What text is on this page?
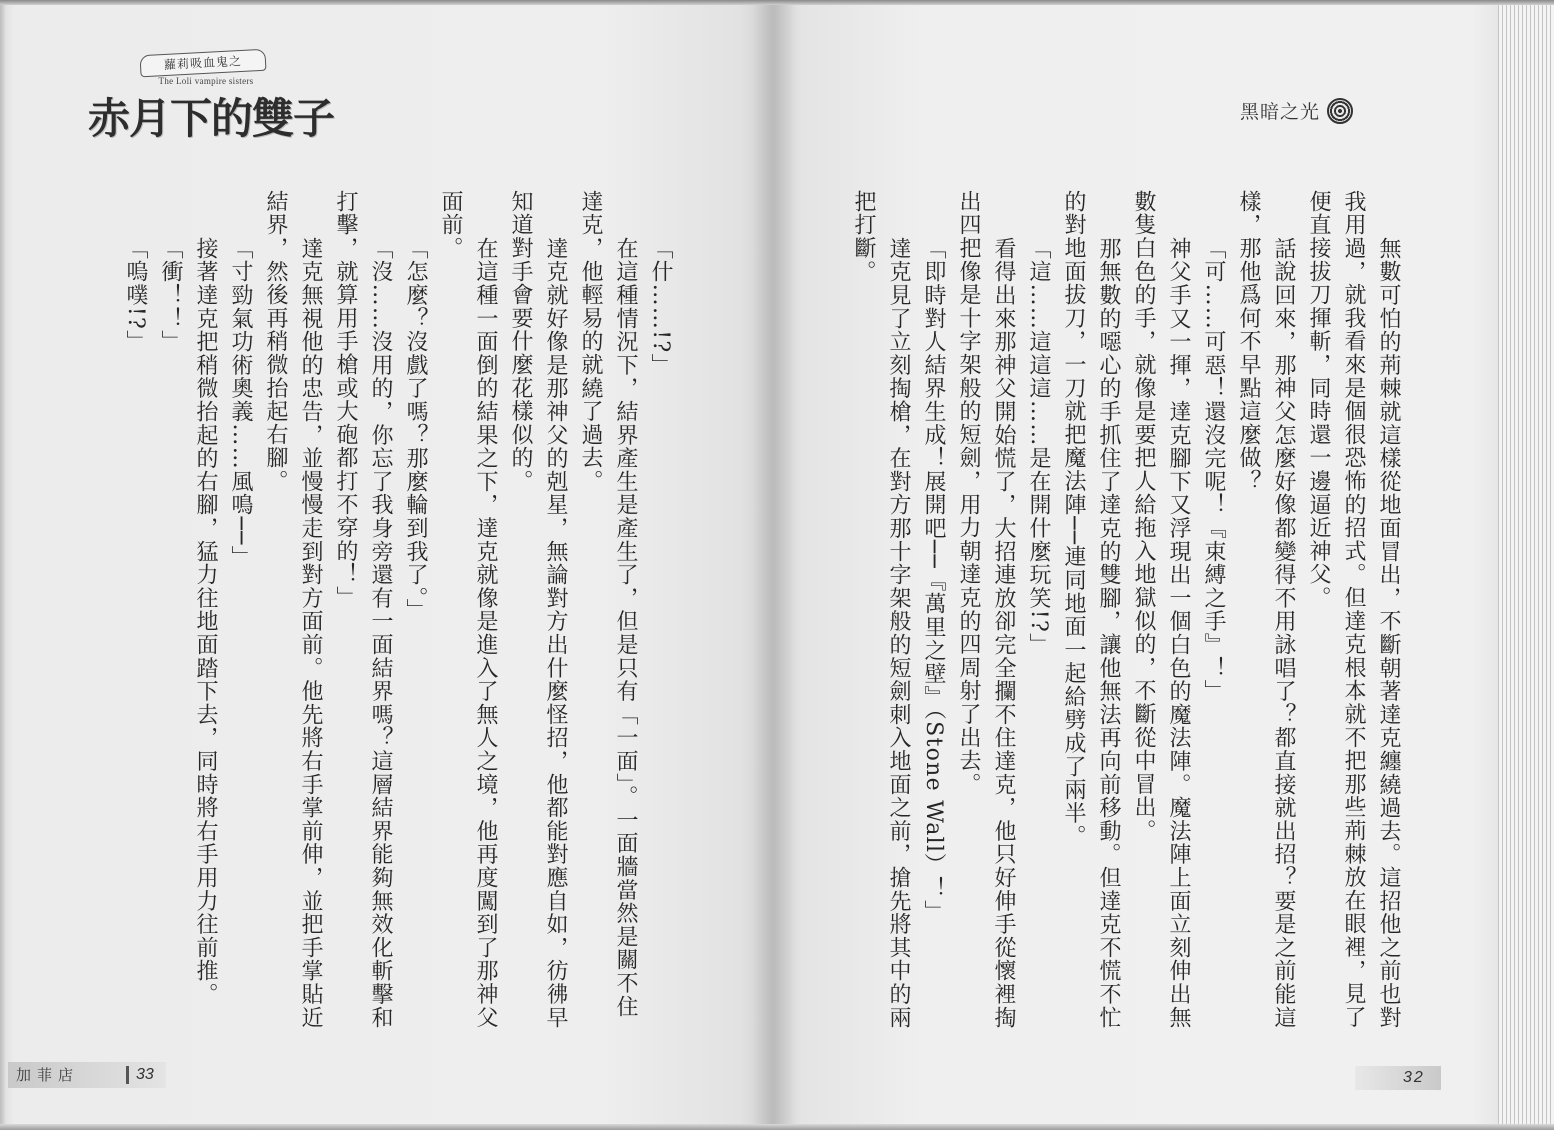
蘿莉吸血鬼之
The Loli vampire sisters
赤月下的雙子	黑暗之光
無數可怕的荊棘就這樣從地面冒出，不斷朝著達克纏繞過去。這招他之前也對
我用過，就我看來是個很恐怖的招式。但達克根本就不把那些荊棘放在眼裡，見了
便直接拔刀揮斬，同時還一邊逼近神父。
話說回來，那神父怎麼好像都變得不用詠唱了？都直接就出招？要是之前能這
樣，那他爲何不早點這麼做？
「可……可惡！還沒完呢！『束縛之手』！」
神父手又一揮，達克腳下又浮現出一個白色的魔法陣。魔法陣上面立刻伸出無
數隻白色的手，就像是要把人給拖入地獄似的，不斷從中冒出。
那無數的噁心的手抓住了達克的雙腳，讓他無法再向前移動。但達克不慌不忙
的對地面拔刀，一刀就把魔法陣──連同地面一起給劈成了兩半。
「這……這這這……是在開什麼玩笑!?」
看得出來那神父開始慌了，大招連放卻完全攔不住達克，他只好伸手從懷裡掏
出四把像是十字架般的短劍，用力朝達克的四周射了出去。
「即時對人結界生成！展開吧──『萬里之壁』（Stone Wall）！」
達克見了立刻掏槍，在對方那十字架般的短劍刺入地面之前，搶先將其中的兩
把打斷。
「什……!?」
在這種情況下，結界產生是產生了，但是只有「一面」。一面牆當然是關不住
達克，他輕易的就繞了過去。
達克就好像是那神父的剋星，無論對方出什麼怪招，他都能對應自如，彷彿早
知道對手會要什麼花樣似的。
在這種一面倒的結果之下，達克就像是進入了無人之境，他再度闖到了那神父
面前。
「怎麼？沒戲了嗎？那麼輪到我了。」
「沒……沒用的，你忘了我身旁還有一面結界嗎？這層結界能夠無效化斬擊和
打擊，就算用手槍或大砲都打不穿的！」
達克無視他的忠告，並慢慢走到對方面前。他先將右手掌前伸，並把手掌貼近
結界，然後再稍微抬起右腳。
「寸勁氣功術奧義……風鳴──」
接著達克把稍微抬起的右腳，猛力往地面踏下去，同時將右手用力往前推。
「衝！！」
「嗚噗!?」
加菲店	33	32
